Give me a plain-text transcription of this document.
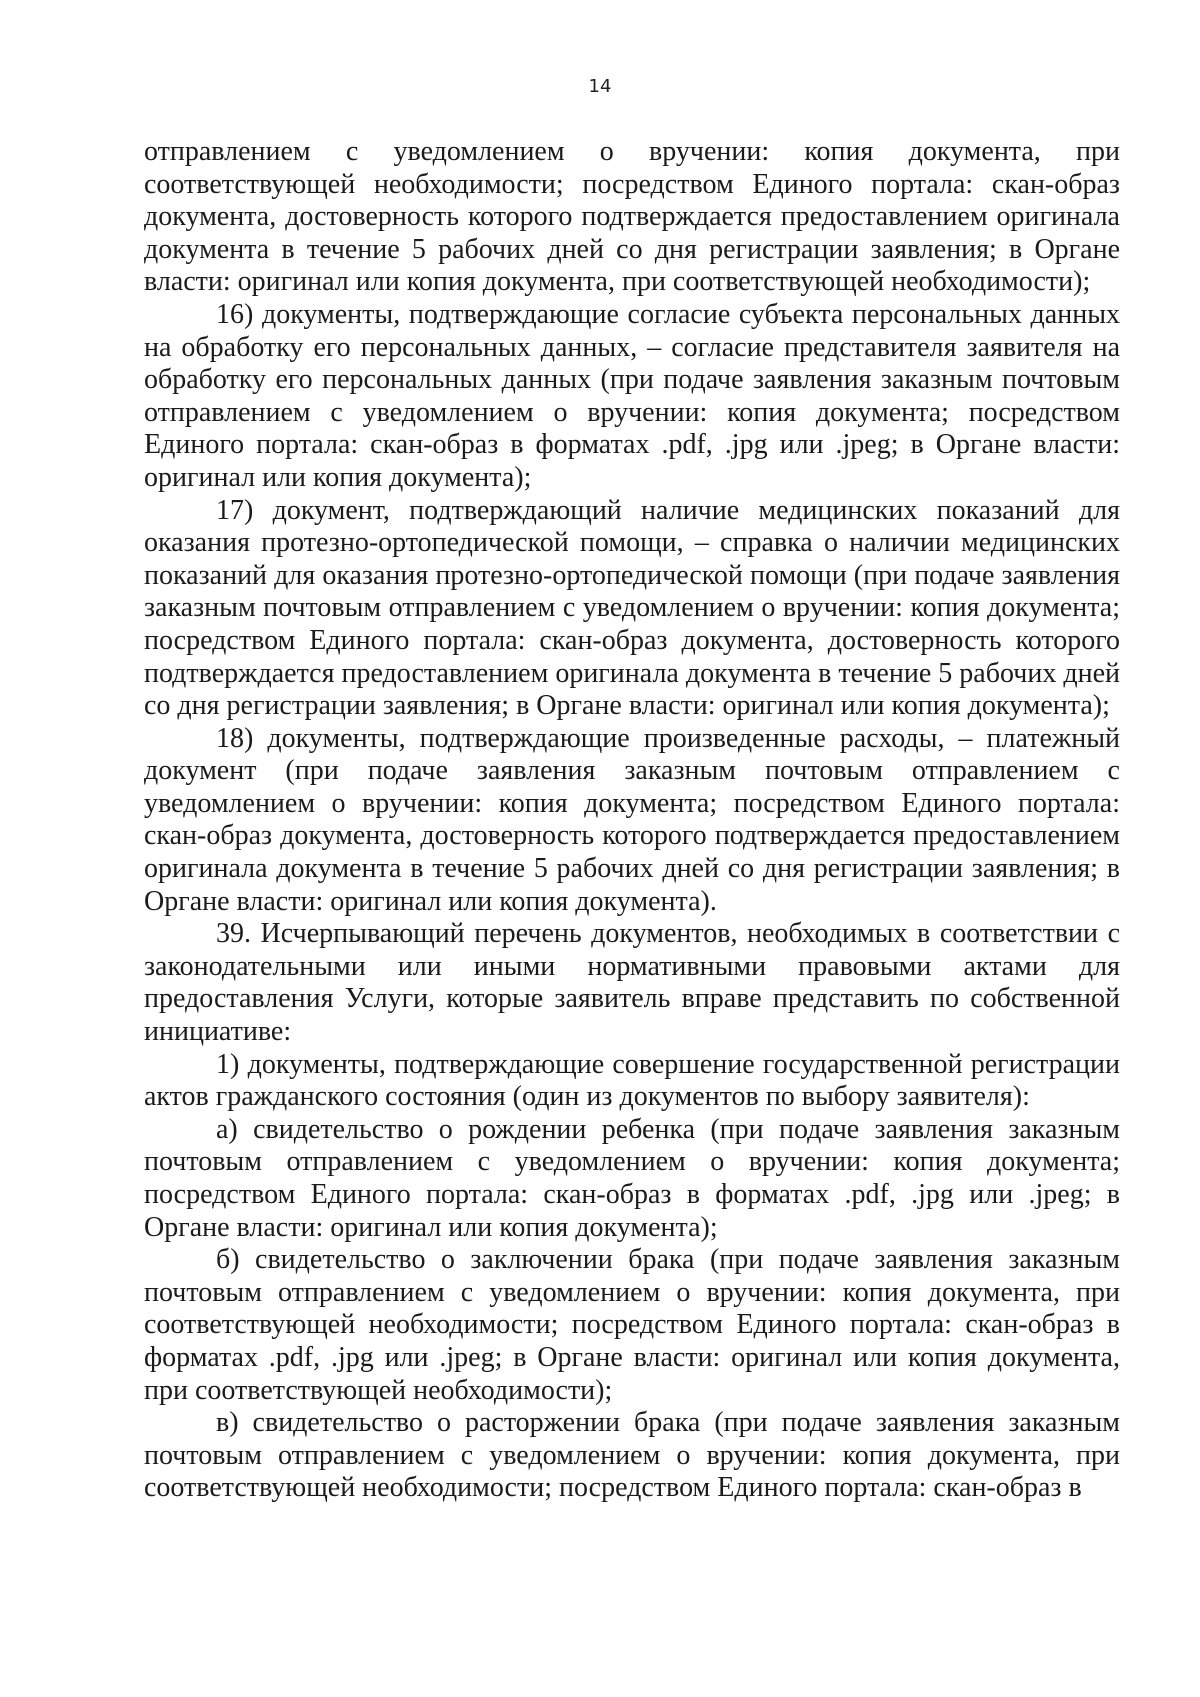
14

отправлением с уведомлением о вручении: копия документа, при соответствующей необходимости; посредством Единого портала: скан-образ документа, достоверность которого подтверждается предоставлением оригинала документа в течение 5 рабочих дней со дня регистрации заявления; в Органе власти: оригинал или копия документа, при соответствующей необходимости);

16) документы, подтверждающие согласие субъекта персональных данных на обработку его персональных данных, – согласие представителя заявителя на обработку его персональных данных (при подаче заявления заказным почтовым отправлением с уведомлением о вручении: копия документа; посредством Единого портала: скан-образ в форматах .pdf, .jpg или .jpeg; в Органе власти: оригинал или копия документа);

17) документ, подтверждающий наличие медицинских показаний для оказания протезно-ортопедической помощи, – справка о наличии медицинских показаний для оказания протезно-ортопедической помощи (при подаче заявления заказным почтовым отправлением с уведомлением о вручении: копия документа; посредством Единого портала: скан-образ документа, достоверность которого подтверждается предоставлением оригинала документа в течение 5 рабочих дней со дня регистрации заявления; в Органе власти: оригинал или копия документа);

18) документы, подтверждающие произведенные расходы, – платежный документ (при подаче заявления заказным почтовым отправлением с уведомлением о вручении: копия документа; посредством Единого портала: скан-образ документа, достоверность которого подтверждается предоставлением оригинала документа в течение 5 рабочих дней со дня регистрации заявления; в Органе власти: оригинал или копия документа).

39. Исчерпывающий перечень документов, необходимых в соответствии с законодательными или иными нормативными правовыми актами для предоставления Услуги, которые заявитель вправе представить по собственной инициативе:

1) документы, подтверждающие совершение государственной регистрации актов гражданского состояния (один из документов по выбору заявителя):

а) свидетельство о рождении ребенка (при подаче заявления заказным почтовым отправлением с уведомлением о вручении: копия документа; посредством Единого портала: скан-образ в форматах .pdf, .jpg или .jpeg; в Органе власти: оригинал или копия документа);

б) свидетельство о заключении брака (при подаче заявления заказным почтовым отправлением с уведомлением о вручении: копия документа, при соответствующей необходимости; посредством Единого портала: скан-образ в форматах .pdf, .jpg или .jpeg; в Органе власти: оригинал или копия документа, при соответствующей необходимости);

в) свидетельство о расторжении брака (при подаче заявления заказным почтовым отправлением с уведомлением о вручении: копия документа, при соответствующей необходимости; посредством Единого портала: скан-образ в
